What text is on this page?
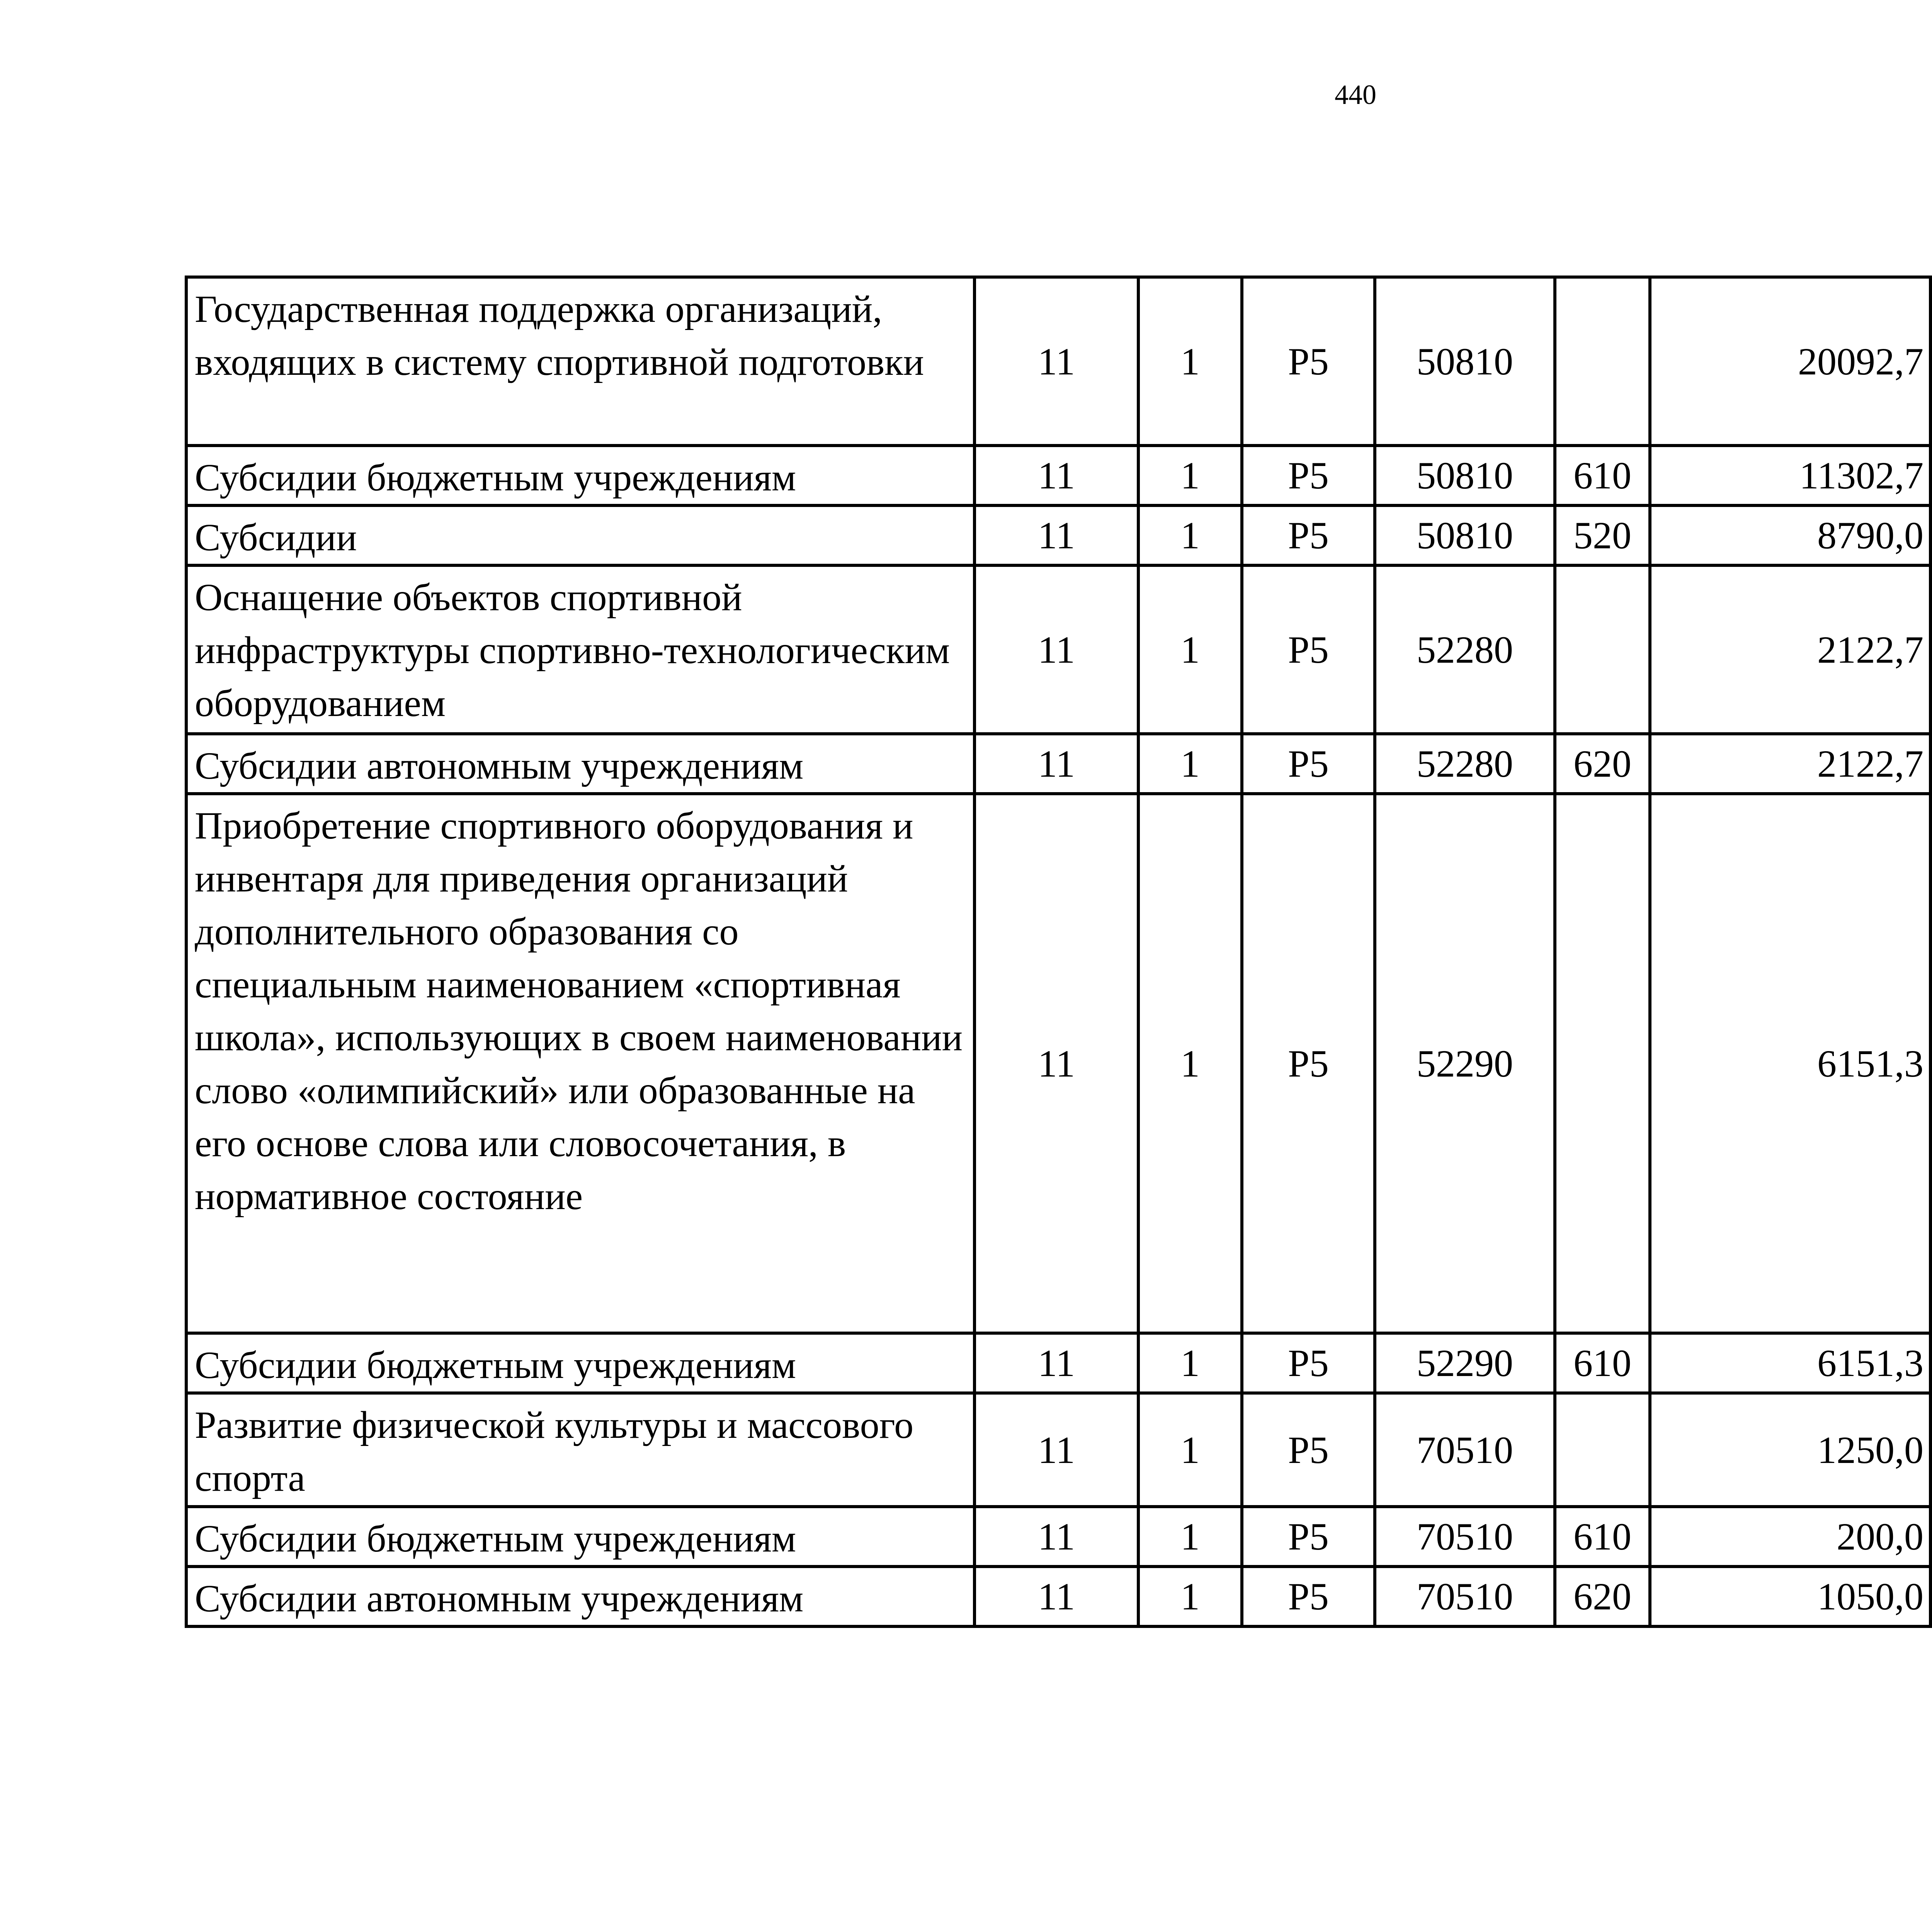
440
Государственная поддержка организаций, входящих в систему спортивной подготовки	11	1	Р5	50810		20092,7		
Субсидии бюджетным учреждениям	11	1	Р5	50810	610	11302,7		
Субсидии	11	1	Р5	50810	520	8790,0		
Оснащение объектов спортивной инфраструктуры спортивно-технологическим оборудованием	11	1	Р5	52280		2122,7		
Субсидии автономным учреждениям	11	1	Р5	52280	620	2122,7		
Приобретение спортивного оборудования и инвентаря для приведения организаций дополнительного образования со специальным наименованием «спортивная школа», использующих в своем наименовании слово «олимпийский» или образованные на его основе слова или словосочетания, в нормативное состояние	11	1	Р5	52290		6151,3		
Субсидии бюджетным учреждениям	11	1	Р5	52290	610	6151,3		
Развитие физической культуры и массового спорта	11	1	Р5	70510		1250,0		
Субсидии бюджетным учреждениям	11	1	Р5	70510	610	200,0		
Субсидии автономным учреждениям	11	1	Р5	70510	620	1050,0		
